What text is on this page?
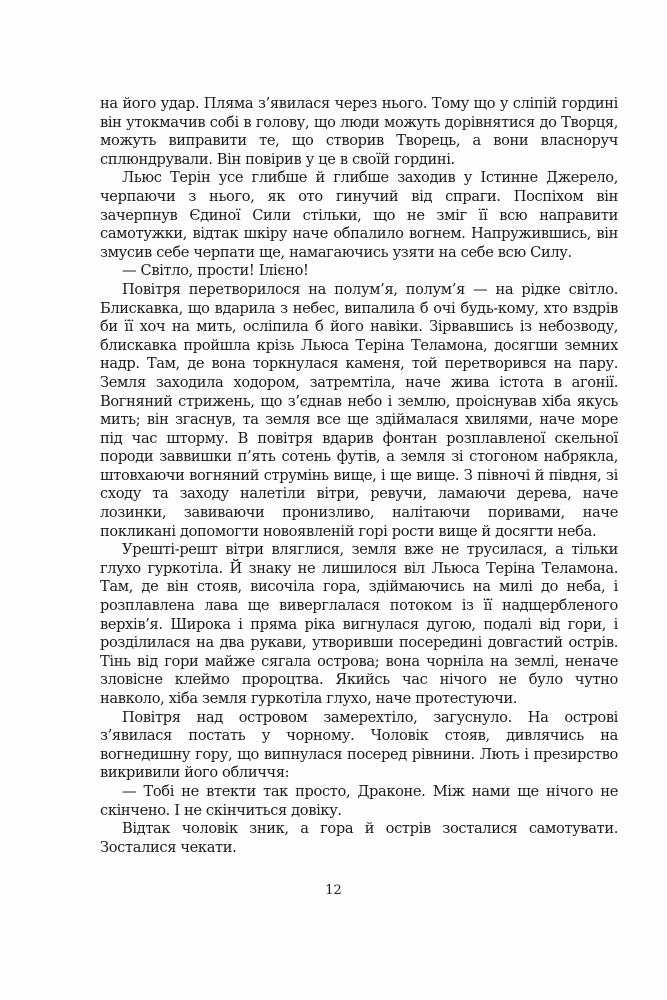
на його удар. Пляма з’явилася через нього. Тому що у сліпій гордині він утокмачив собі в голову, що люди можуть дорівнятися до Творця, можуть виправити те, що створив Творець, а вони власноруч сплюндрували. Він повірив у це в своїй гордині.

Льюс Терін усе глибше й глибше заходив у Істинне Джерело, черпаючи з нього, як ото гинучий від спраги. Поспіхом він зачерпнув Єдиної Сили стільки, що не зміг її всю направити самотужки, відтак шкіру наче обпалило вогнем. Напружившись, він змусив себе черпати ще, намагаючись узяти на себе всю Силу.

— Світло, прости! Ілієно!

Повітря перетворилося на полум’я, полум’я — на рідке світло. Блискавка, що вдарила з небес, випалила б очі будь-кому, хто вздрів би її хоч на мить, осліпила б його навіки. Зірвавшись із небозводу, блискавка пройшла крізь Льюса Теріна Теламона, досягши земних надр. Там, де вона торкнулася каменя, той перетворився на пару. Земля заходила ходором, затремтіла, наче жива істота в агонії. Вогняний стрижень, що з’єднав небо і землю, проіснував хіба якусь мить; він згаснув, та земля все ще здіймалася хвилями, наче море під час шторму. В повітря вдарив фонтан розплавленої скельної породи заввишки п’ять сотень футів, а земля зі стогоном набрякла, штовхаючи вогняний струмінь вище, і ще вище. З півночі й півдня, зі сходу та заходу налетіли вітри, ревучи, ламаючи дерева, наче лозинки, завиваючи пронизливо, налітаючи поривами, наче покликані допомогти новоявленій горі рости вище й досягти неба.

Урешті-решт вітри вляглися, земля вже не трусилася, а тільки глухо гуркотіла. Й знаку не лишилося віл Льюса Теріна Теламона. Там, де він стояв, височіла гора, здіймаючись на милі до неба, і розплавлена лава ще виверглалася потоком із її надщербленого верхів’я. Широка і пряма ріка вигнулася дугою, подалі від гори, і розділилася на два рукави, утворивши посередині довгастий острів. Тінь від гори майже сягала острова; вона чорніла на землі, неначе зловісне клеймо пророцтва. Якийсь час нічого не було чутно навколо, хіба земля гуркотіла глухо, наче протестуючи.

Повітря над островом замерехтіло, загуснуло. На острові з’явилася постать у чорному. Чоловік стояв, дивлячись на вогнедишну гору, що випнулася посеред рівнини. Лють і презирство викривили його обличчя:

— Тобі не втекти так просто, Драконе. Між нами ще нічого не скінчено. І не скінчиться довіку.

Відтак чоловік зник, а гора й острів зосталися самотувати. Зосталися чекати.

12
